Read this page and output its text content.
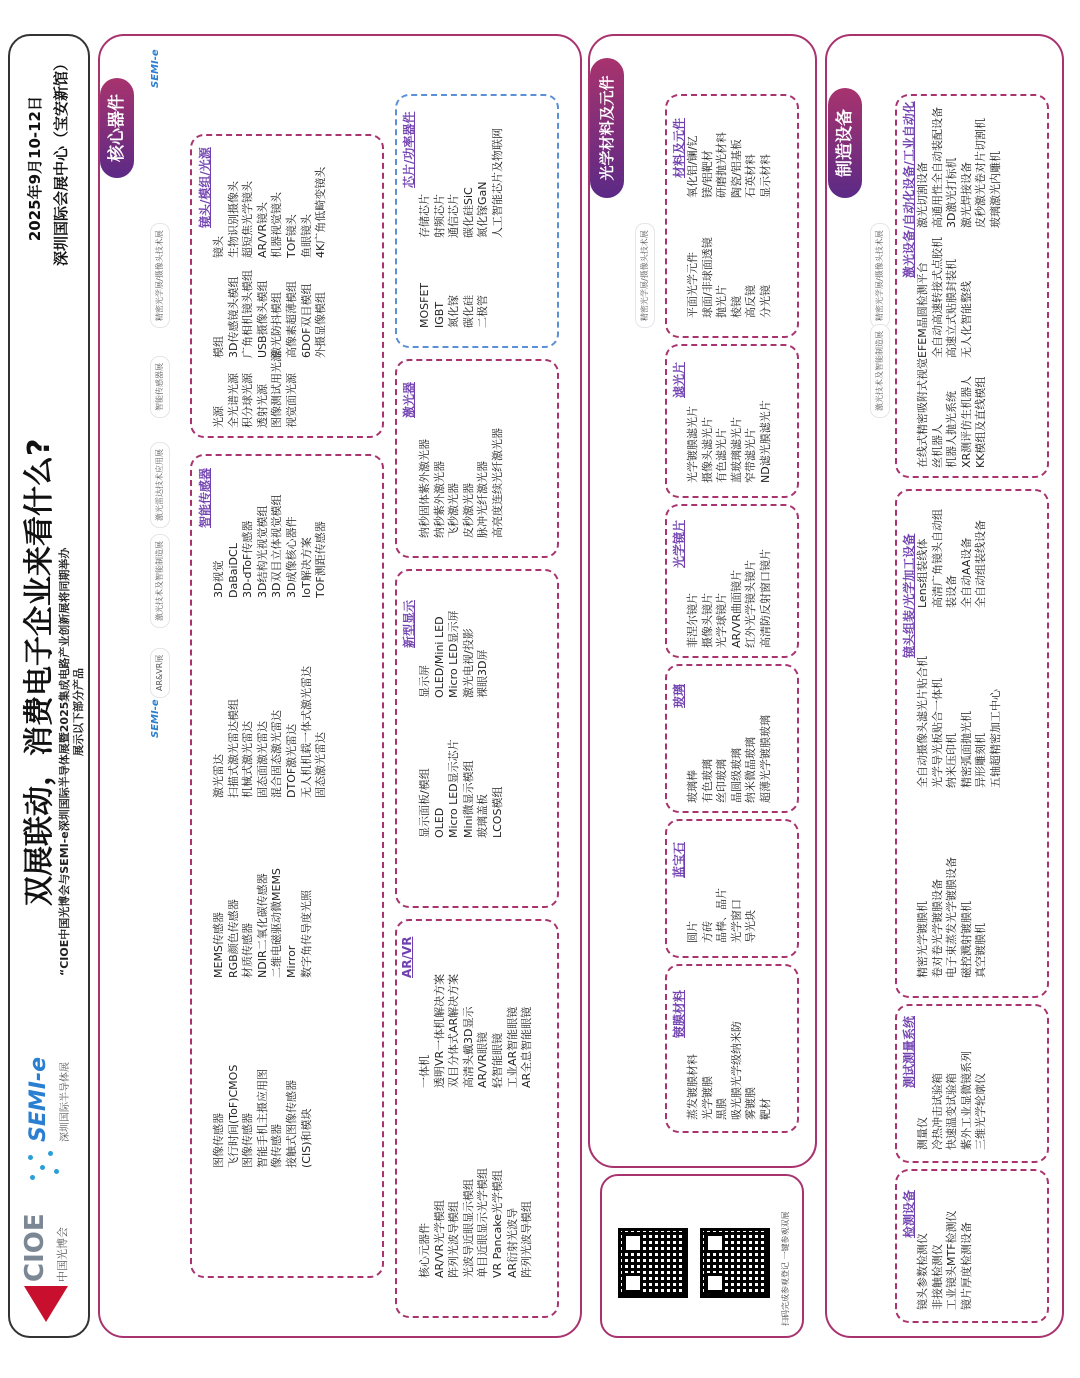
CIOE 中国光博会
SEMI-e 深圳国际半导体展
双展联动，消费电子企业来看什么? “CIOE中国光博会与SEMI-e深圳国际半导体展暨2025集成电路产业创新展将同期举办 展示以下部分产品
2025年9月10-12日 深圳国际会展中心（宝安新馆）	核心器件
精密光学展/摄像头技术展
智能传感器展
激光雷达技术应用展
激光技术及智能制造展
AR&VR展
SEMI-e
SEMI-e
镜头/模组/光源
镜头 生物识别摄像头 超短焦光学镜头 AR/VR镜头 机器视觉镜头 TOF镜头 鱼眼镜头 4K广角低畸变镜头
模组 3D传感镜头模组 广角相机镜头模组 USB摄像头模组 激光防抖模组 高像素超薄模组 6DOF双目模组 外摄显像模组
光源 全光谱光源 积分球光源 透射光源 图像测试用光源 视觉面光源
智能传感器
3D视觉 DaBaiDCL 3D-dToF传感器 3D结构光视觉模组 3D双目立体视觉模组 3D成像核心器件 IoT解决方案 TOF测距传感器
激光雷达 扫描式激光雷达模组 机械式激光雷达 固态面激光雷达 混合固态激光雷达 DTOF激光雷达 无人机机载一体式激光雷达 固态激光雷达
MEMS传感器 RGB颜色传感器 材质传感器 NDIR二氧化碳传感器 二维电磁驱动微MEMS Mirror 数字角传导度光照
图像传感器 飞行时间(ToF)CMOS 图像传感器 智能手机主摄应用图 像传感器 接触式图像传感器 (CIS)和模块
芯片/功率器件
存储芯片 射频芯片 通信芯片 碳化硅SiC 氮化镓GaN 人工智能芯片及物联网
MOSFET IGBT 氮化镓 碳化硅 二极管
激光器
纳秒固体紫外激光器 纳秒紫外激光器 飞秒激光器 皮秒激光器 脉冲光纤激光器 高亮度连续光纤激光器
新型显示
显示屏 OLED/Mini LED Micro LED显示屏 激光电视/投影 裸眼3D屏
显示面板/模组 OLED Micro LED显示芯片 Mini微显示模组 玻璃盖板 LCOS模组
AR/VR
一体机 透明VR一体机解决方案 双目分体式AR解决方案 高清头戴3D显示 AR/VR眼镜 轻智能眼镜 工业AR智能眼镜 AR全息智能眼镜
核心元器件 AR/VR光学模组 阵列光波导模组 光波导近眼显示模组 单目近眼显示光学模组 VR Pancake光学模组 AR衍射光波导 阵列光波导模组
光学材料及元件
精密光学展/摄像头技术展
材料及元件 氧化铝/镧/钇 镁/铝靶材 研磨抛光材料 陶瓷/铝基板 石英材料 显示材料
平面光学元件 球面/非球面透镜 抛光片 棱镜 高反镜 分光镜
滤光片
光学镀膜滤光片 摄像头滤光片 有色滤光片 蓝玻璃滤光片 窄带滤光片 ND滤光膜滤光片
光学镜片
菲涅尔镜片 摄像头镜片 光学球镜片 AR/VR曲面镜片 红外光学镜头镜片 高清防反射窗口镜片
玻璃
玻璃棒 有色玻璃 丝印玻璃 晶圆级玻璃 纳米微晶玻璃 超薄光学镀膜玻璃
蓝宝石
圆片 方砖 晶棒、晶片 光学窗口 导光块
镀膜材料
蒸发镀膜材料 光学镀膜 黑膜 吸光膜光学级纳米防 雾镀膜 靶材
扫码完成参观登记 一键参观双展
制造设备
精密光学展/摄像头技术展
激光技术及智能制造展
激光设备/自动化设备/工业自动化 激光切割设备 高通用性全自动装配设备 3D激光打标机 激光焊接设备 皮秒激光卷对片切割机 玻璃激光内雕机
EFEM晶圆检测平台 全自动高速转接式点胶机 高速立式贴膜封装机 无人化智能整线
在线式精密吸附式视觉 丝机器人 机器人抛光系统 XR测评仿生机器人 KK模组及直线模组
镜头组装/光学加工设备 Lens组装线体 高清广角镜头自动组 装设备 全自动AA设备 全自动组装线设备
全自动摄像头滤光片贴合机 光学导光板贴合一体机 纳米压印机 精密弧面抛光机 异形雕刻机 五轴超精密加工中心
精密光学镀膜机 卷对卷光学镀膜设备 电子束蒸发光学镀膜设备 磁控溅射镀膜机 真空镀膜机
测试测量系统
测量仪 冷热冲击试验箱 快速温变试验箱 紫外工业显微镜系列 三维光学轮廓仪
检测设备
镜头参数检测仪 非接触检测仪 工业镜头MTF检测仪 镜片厚度检测设备
